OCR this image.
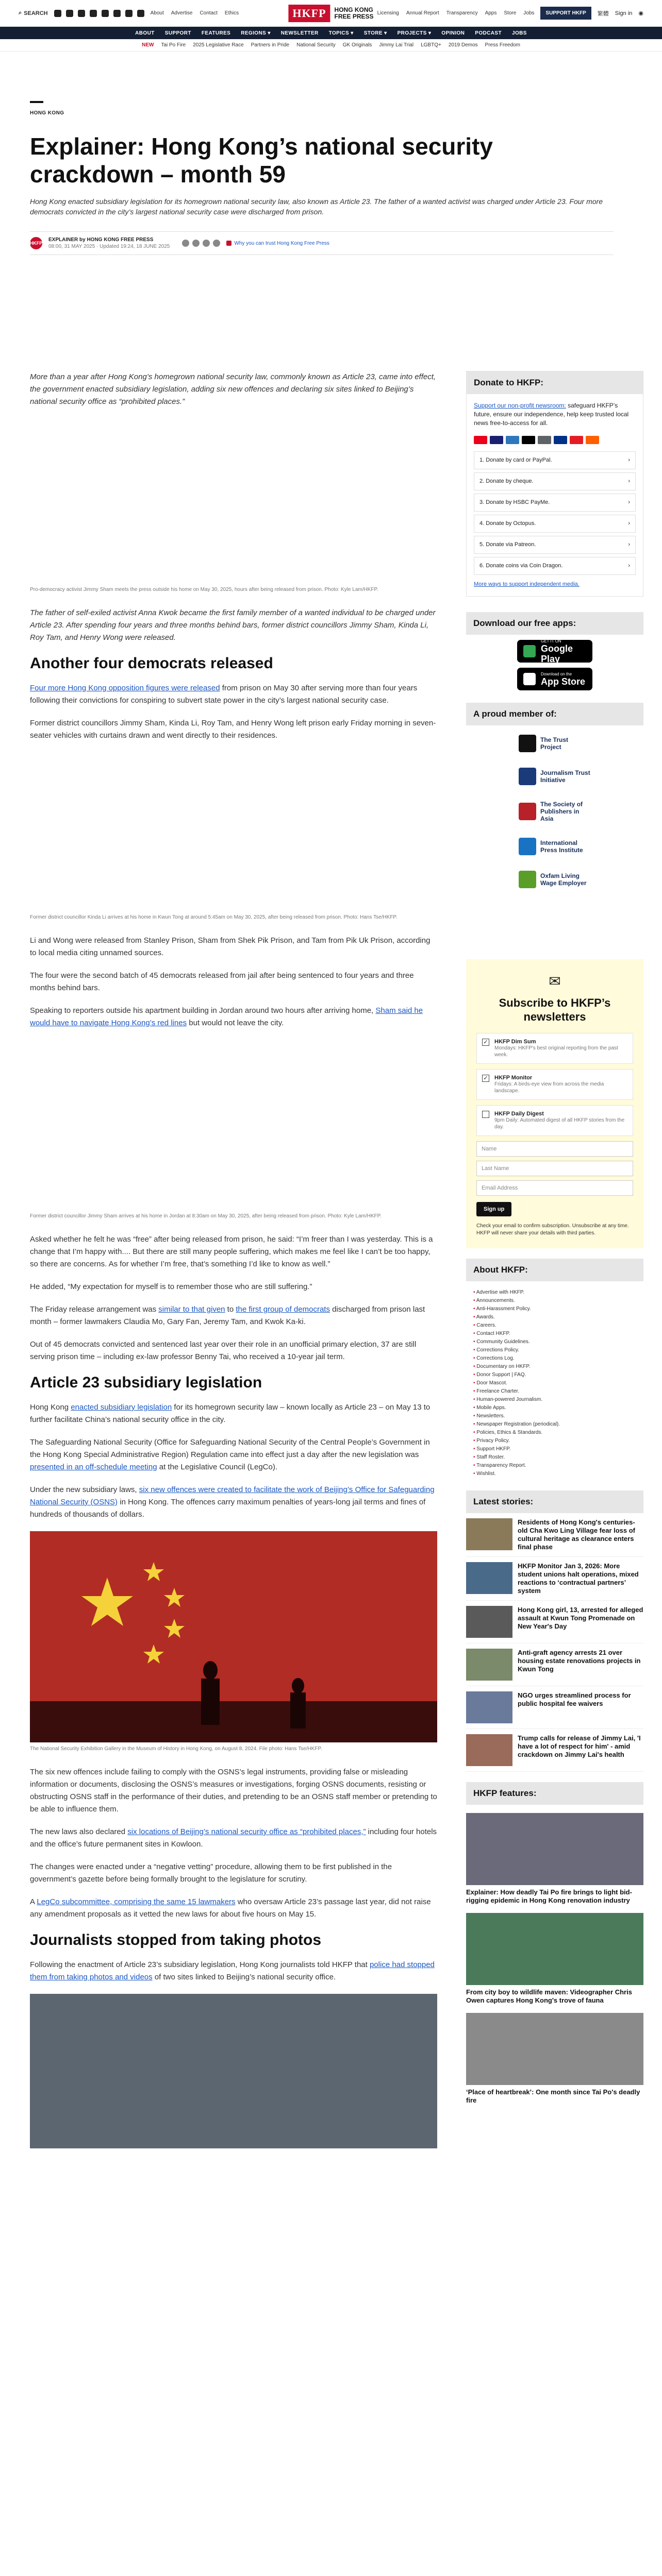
⌕ SEARCH	About Advertise Contact Ethics	HKFP	HONG KONG
FREE PRESS Licensing Annual Report Transparency Apps Store Jobs	SUPPORT HKFP	繁體 Sign in ◉
ABOUT SUPPORT FEATURES REGIONS ▾ NEWSLETTER TOPICS ▾ STORE ▾ PROJECTS ▾ OPINION PODCAST JOBS
NEW Tai Po Fire 2025 Legislative Race Partners in Pride National Security GK Originals Jimmy Lai Trial LGBTQ+ 2019 Demos Press Freedom
HONG KONG
Explainer: Hong Kong’s national security crackdown – month 59

Hong Kong enacted subsidiary legislation for its homegrown national security law, also known as Article 23. The father of a wanted activist was charged under Article 23. Four more democrats convicted in the city’s largest national security case were discharged from prison.

HKFP
EXPLAINER by HONG KONG FREE PRESS
08:00, 31 MAY 2025 · Updated 19:24, 18 JUNE 2025
Why you can trust Hong Kong Free Press

More than a year after Hong Kong’s homegrown national security law, commonly known as Article 23, came into effect, the government enacted subsidiary legislation, adding six new offences and declaring six sites linked to Beijing’s national security office as “prohibited places.”

Pro-democracy activist Jimmy Sham meets the press outside his home on May 30, 2025, hours after being released from prison. Photo: Kyle Lam/HKFP.

The father of self-exiled activist Anna Kwok became the first family member of a wanted individual to be charged under Article 23. After spending four years and three months behind bars, former district councillors Jimmy Sham, Kinda Li, Roy Tam, and Henry Wong were released.

Another four democrats released

Four more Hong Kong opposition figures were released from prison on May 30 after serving more than four years following their convictions for conspiring to subvert state power in the city’s largest national security case.

Former district councillors Jimmy Sham, Kinda Li, Roy Tam, and Henry Wong left prison early Friday morning in seven-seater vehicles with curtains drawn and went directly to their residences.

Former district councillor Kinda Li arrives at his home in Kwun Tong at around 5:45am on May 30, 2025, after being released from prison. Photo: Hans Tse/HKFP.

Li and Wong were released from Stanley Prison, Sham from Shek Pik Prison, and Tam from Pik Uk Prison, according to local media citing unnamed sources.

The four were the second batch of 45 democrats released from jail after being sentenced to four years and three months behind bars.

Speaking to reporters outside his apartment building in Jordan around two hours after arriving home, Sham said he would have to navigate Hong Kong’s red lines but would not leave the city.

Former district councillor Jimmy Sham arrives at his home in Jordan at 8:30am on May 30, 2025, after being released from prison. Photo: Kyle Lam/HKFP.

Asked whether he felt he was “free” after being released from prison, he said: “I’m freer than I was yesterday. This is a change that I’m happy with.... But there are still many people suffering, which makes me feel like I can’t be too happy, so there are concerns. As for whether I’m free, that’s something I’d like to know as well.”

He added, “My expectation for myself is to remember those who are still suffering.”

The Friday release arrangement was similar to that given to the first group of democrats discharged from prison last month – former lawmakers Claudia Mo, Gary Fan, Jeremy Tam, and Kwok Ka-ki.

Out of 45 democrats convicted and sentenced last year over their role in an unofficial primary election, 37 are still serving prison time – including ex-law professor Benny Tai, who received a 10-year jail term.

Article 23 subsidiary legislation

Hong Kong enacted subsidiary legislation for its homegrown security law – known locally as Article 23 – on May 13 to further facilitate China’s national security office in the city.

The Safeguarding National Security (Office for Safeguarding National Security of the Central People’s Government in the Hong Kong Special Administrative Region) Regulation came into effect just a day after the new legislation was presented in an off-schedule meeting at the Legislative Council (LegCo).

Under the new subsidiary laws, six new offences were created to facilitate the work of Beijing’s Office for Safeguarding National Security (OSNS) in Hong Kong. The offences carry maximum penalties of years-long jail terms and fines of hundreds of thousands of dollars.

The National Security Exhibition Gallery in the Museum of History in Hong Kong, on August 8, 2024. File photo: Hans Tse/HKFP.

The six new offences include failing to comply with the OSNS’s legal instruments, providing false or misleading information or documents, disclosing the OSNS’s measures or investigations, forging OSNS documents, resisting or obstructing OSNS staff in the performance of their duties, and pretending to be an OSNS staff member or pretending to be able to influence them.

The new laws also declared six locations of Beijing’s national security office as “prohibited places,” including four hotels and the office’s future permanent sites in Kowloon.

The changes were enacted under a “negative vetting” procedure, allowing them to be first published in the government’s gazette before being formally brought to the legislature for scrutiny.

A LegCo subcommittee, comprising the same 15 lawmakers who oversaw Article 23’s passage last year, did not raise any amendment proposals as it vetted the new laws for about five hours on May 15.

Journalists stopped from taking photos

Following the enactment of Article 23’s subsidiary legislation, Hong Kong journalists told HKFP that police had stopped them from taking photos and videos of two sites linked to Beijing’s national security office.

Donate to HKFP:

Support our non-profit newsroom: safeguard HKFP’s future, ensure our independence, help keep trusted local news free-to-access for all.

1. Donate by card or PayPal.	›
2. Donate by cheque.	›
3. Donate by HSBC PayMe.	›
4. Donate by Octopus.	›
5. Donate via Patreon.	›
6. Donate coins via Coin Dragon.	›
More ways to support independent media.
Download our free apps:
GET IT ON
Google Play
Download on the
App Store
A proud member of:
The Trust Project
Journalism Trust Initiative
The Society of Publishers in Asia
International Press Institute
Oxfam Living Wage Employer
✉
Subscribe to HKFP’s newsletters
✓ HKFP Dim Sum
Mondays: HKFP's best original reporting from the past week.
✓ HKFP Monitor
Fridays: A birds-eye view from across the media landscape.
HKFP Daily Digest
9pm Daily: Automated digest of all HKFP stories from the day.
Name
Last Name
Email Address
Sign up

Check your email to confirm subscription. Unsubscribe at any time. HKFP will never share your details with third parties.

About HKFP:
• Advertise with HKFP.
• Announcements.
• Anti-Harassment Policy.
• Awards.
• Careers.
• Contact HKFP.
• Community Guidelines.
• Corrections Policy.
• Corrections Log.
• Documentary on HKFP.
• Donor Support | FAQ.
• Door Mascot.
• Freelance Charter.
• Human-powered Journalism.
• Mobile Apps.
• Newsletters.
• Newspaper Registration (periodical).
• Policies, Ethics & Standards.
• Privacy Policy.
• Support HKFP.
• Staff Roster.
• Transparency Report.
• Wishlist.
Latest stories:
Residents of Hong Kong's centuries-old Cha Kwo Ling Village fear loss of cultural heritage as clearance enters final phase
HKFP Monitor Jan 3, 2026: More student unions halt operations, mixed reactions to ‘contractual partners’ system
Hong Kong girl, 13, arrested for alleged assault at Kwun Tong Promenade on New Year's Day
Anti-graft agency arrests 21 over housing estate renovations projects in Kwun Tong
NGO urges streamlined process for public hospital fee waivers
Trump calls for release of Jimmy Lai, 'I have a lot of respect for him' - amid crackdown on Jimmy Lai's health
HKFP features:
Explainer: How deadly Tai Po fire brings to light bid-rigging epidemic in Hong Kong renovation industry
From city boy to wildlife maven: Videographer Chris Owen captures Hong Kong's trove of fauna
‘Place of heartbreak’: One month since Tai Po's deadly fire
